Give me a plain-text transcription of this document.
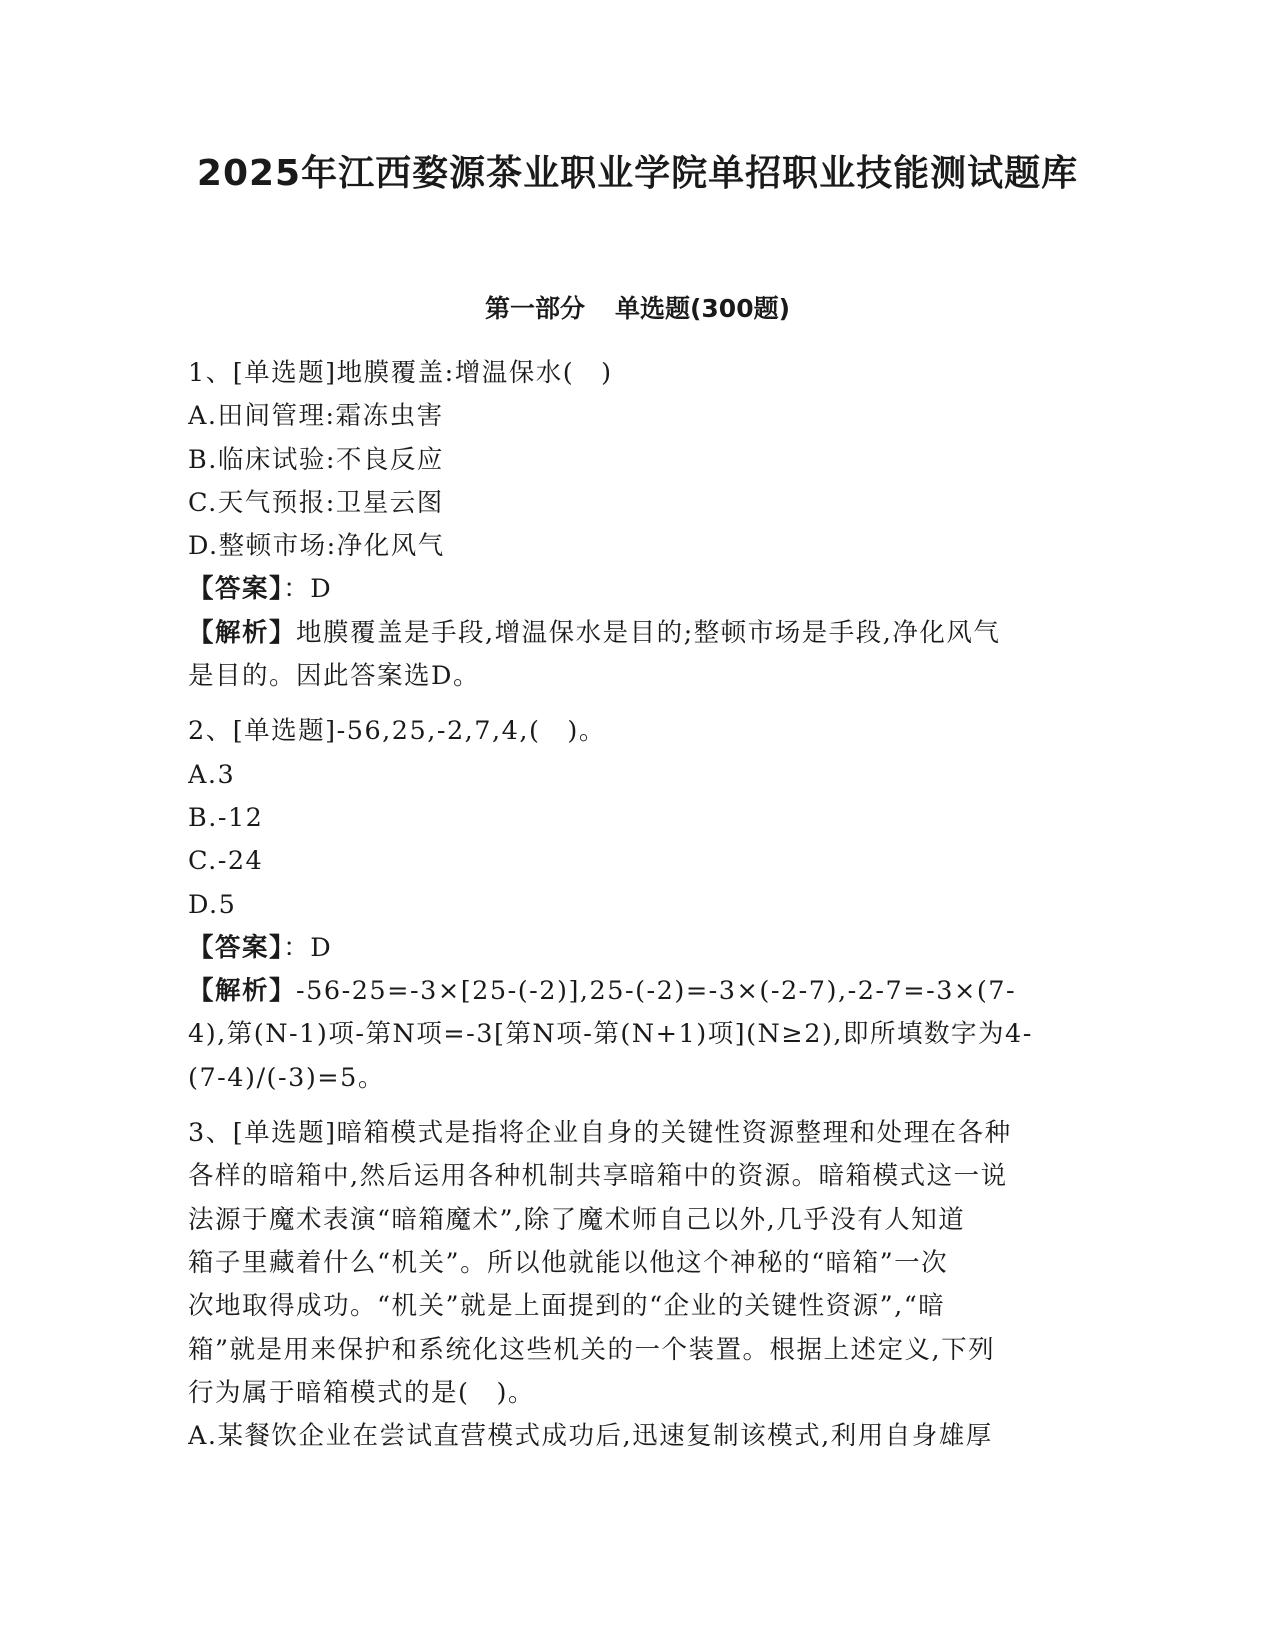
2025年江西婺源茶业职业学院单招职业技能测试题库
第一部分 单选题(300题)
1、[单选题]地膜覆盖:增温保水(　)
A.田间管理:霜冻虫害
B.临床试验:不良反应
C.天气预报:卫星云图
D.整顿市场:净化风气
【答案】：D
【解析】地膜覆盖是手段,增温保水是目的;整顿市场是手段,净化风气
是目的。因此答案选D。
2、[单选题]-56,25,-2,7,4,(　)。
A.3
B.-12
C.-24
D.5
【答案】：D
【解析】-56-25=-3×[25-(-2)],25-(-2)=-3×(-2-7),-2-7=-3×(7-
4),第(N-1)项-第N项=-3[第N项-第(N+1)项](N≥2),即所填数字为4-
(7-4)/(-3)=5。
3、[单选题]暗箱模式是指将企业自身的关键性资源整理和处理在各种
各样的暗箱中,然后运用各种机制共享暗箱中的资源。暗箱模式这一说
法源于魔术表演“暗箱魔术”,除了魔术师自己以外,几乎没有人知道
箱子里藏着什么“机关”。所以他就能以他这个神秘的“暗箱”一次
次地取得成功。“机关”就是上面提到的“企业的关键性资源”,“暗
箱”就是用来保护和系统化这些机关的一个装置。根据上述定义,下列
行为属于暗箱模式的是(　)。
A.某餐饮企业在尝试直营模式成功后,迅速复制该模式,利用自身雄厚
